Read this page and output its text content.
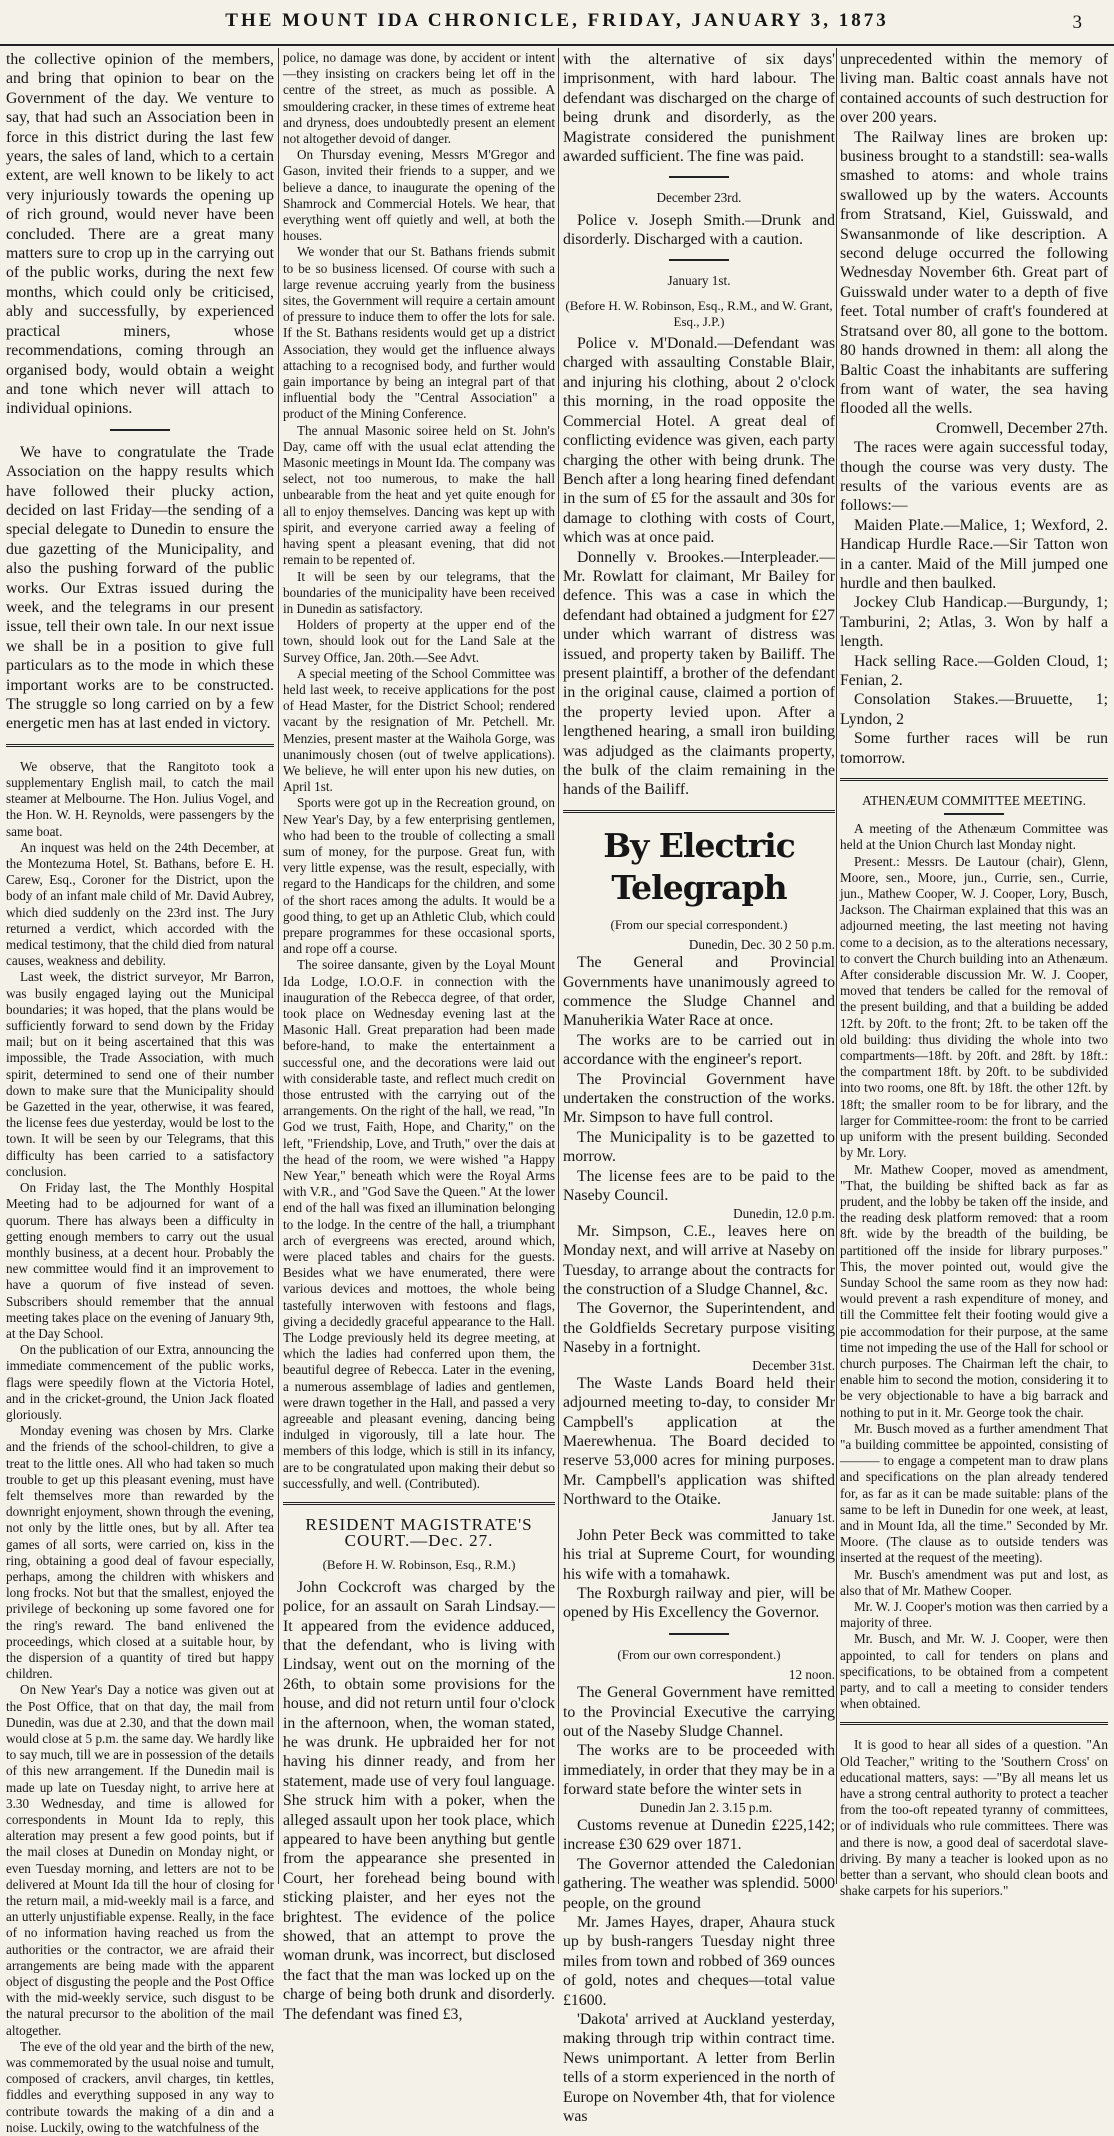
THE MOUNT IDA CHRONICLE, FRIDAY, JANUARY 3, 1873	3

the collective opinion of the members, and bring that opinion to bear on the Government of the day. We venture to say, that had such an Association been in force in this district during the last few years, the sales of land, which to a certain extent, are well known to be likely to act very injuriously towards the opening up of rich ground, would never have been concluded. There are a great many matters sure to crop up in the carrying out of the public works, during the next few months, which could only be criticised, ably and successfully, by experienced practical miners, whose recommendations, coming through an organised body, would obtain a weight and tone which never will attach to individual opinions.

We have to congratulate the Trade Association on the happy results which have followed their plucky action, decided on last Friday—the sending of a special delegate to Dunedin to ensure the due gazetting of the Municipality, and also the pushing forward of the public works. Our Extras issued during the week, and the telegrams in our present issue, tell their own tale. In our next issue we shall be in a position to give full particulars as to the mode in which these important works are to be constructed. The struggle so long carried on by a few energetic men has at last ended in victory.

We observe, that the Rangitoto took a supplementary English mail, to catch the mail steamer at Melbourne. The Hon. Julius Vogel, and the Hon. W. H. Reynolds, were passengers by the same boat.

An inquest was held on the 24th December, at the Montezuma Hotel, St. Bathans, before E. H. Carew, Esq., Coroner for the District, upon the body of an infant male child of Mr. David Aubrey, which died suddenly on the 23rd inst. The Jury returned a verdict, which accorded with the medical testimony, that the child died from natural causes, weakness and debility.

Last week, the district surveyor, Mr Barron, was busily engaged laying out the Municipal boundaries; it was hoped, that the plans would be sufficiently forward to send down by the Friday mail; but on it being ascertained that this was impossible, the Trade Association, with much spirit, determined to send one of their number down to make sure that the Municipality should be Gazetted in the year, otherwise, it was feared, the license fees due yesterday, would be lost to the town. It will be seen by our Telegrams, that this difficulty has been carried to a satisfactory conclusion.

On Friday last, the The Monthly Hospital Meeting had to be adjourned for want of a quorum. There has always been a difficulty in getting enough members to carry out the usual monthly business, at a decent hour. Probably the new committee would find it an improvement to have a quorum of five instead of seven. Subscribers should remember that the annual meeting takes place on the evening of January 9th, at the Day School.

On the publication of our Extra, announcing the immediate commencement of the public works, flags were speedily flown at the Victoria Hotel, and in the cricket-ground, the Union Jack floated gloriously.

Monday evening was chosen by Mrs. Clarke and the friends of the school-children, to give a treat to the little ones. All who had taken so much trouble to get up this pleasant evening, must have felt themselves more than rewarded by the downright enjoyment, shown through the evening, not only by the little ones, but by all. After tea games of all sorts, were carried on, kiss in the ring, obtaining a good deal of favour especially, perhaps, among the children with whiskers and long frocks. Not but that the smallest, enjoyed the privilege of beckoning up some favored one for the ring's reward. The band enlivened the proceedings, which closed at a suitable hour, by the dispersion of a quantity of tired but happy children.

On New Year's Day a notice was given out at the Post Office, that on that day, the mail from Dunedin, was due at 2.30, and that the down mail would close at 5 p.m. the same day. We hardly like to say much, till we are in possession of the details of this new arrangement. If the Dunedin mail is made up late on Tuesday night, to arrive here at 3.30 Wednesday, and time is allowed for correspondents in Mount Ida to reply, this alteration may present a few good points, but if the mail closes at Dunedin on Monday night, or even Tuesday morning, and letters are not to be delivered at Mount Ida till the hour of closing for the return mail, a mid-weekly mail is a farce, and an utterly unjustifiable expense. Really, in the face of no information having reached us from the authorities or the contractor, we are afraid their arrangements are being made with the apparent object of disgusting the people and the Post Office with the mid-weekly service, such disgust to be the natural precursor to the abolition of the mail altogether.

The eve of the old year and the birth of the new, was commemorated by the usual noise and tumult, composed of crackers, anvil charges, tin kettles, fiddles and everything supposed in any way to contribute towards the making of a din and a noise. Luckily, owing to the watchfulness of the

police, no damage was done, by accident or intent—they insisting on crackers being let off in the centre of the street, as much as possible. A smouldering cracker, in these times of extreme heat and dryness, does undoubtedly present an element not altogether devoid of danger.

On Thursday evening, Messrs M'Gregor and Gason, invited their friends to a supper, and we believe a dance, to inaugurate the opening of the Shamrock and Commercial Hotels. We hear, that everything went off quietly and well, at both the houses.

We wonder that our St. Bathans friends submit to be so business licensed. Of course with such a large revenue accruing yearly from the business sites, the Government will require a certain amount of pressure to induce them to offer the lots for sale. If the St. Bathans residents would get up a district Association, they would get the influence always attaching to a recognised body, and further would gain importance by being an integral part of that influential body the "Central Association" a product of the Mining Conference.

The annual Masonic soiree held on St. John's Day, came off with the usual eclat attending the Masonic meetings in Mount Ida. The company was select, not too numerous, to make the hall unbearable from the heat and yet quite enough for all to enjoy themselves. Dancing was kept up with spirit, and everyone carried away a feeling of having spent a pleasant evening, that did not remain to be repented of.

It will be seen by our telegrams, that the boundaries of the municipality have been received in Dunedin as satisfactory.

Holders of property at the upper end of the town, should look out for the Land Sale at the Survey Office, Jan. 20th.—See Advt.

A special meeting of the School Committee was held last week, to receive applications for the post of Head Master, for the District School; rendered vacant by the resignation of Mr. Petchell. Mr. Menzies, present master at the Waihola Gorge, was unanimously chosen (out of twelve applications). We believe, he will enter upon his new duties, on April 1st.

Sports were got up in the Recreation ground, on New Year's Day, by a few enterprising gentlemen, who had been to the trouble of collecting a small sum of money, for the purpose. Great fun, with very little expense, was the result, especially, with regard to the Handicaps for the children, and some of the short races among the adults. It would be a good thing, to get up an Athletic Club, which could prepare programmes for these occasional sports, and rope off a course.

The soiree dansante, given by the Loyal Mount Ida Lodge, I.O.O.F. in connection with the inauguration of the Rebecca degree, of that order, took place on Wednesday evening last at the Masonic Hall. Great preparation had been made before-hand, to make the entertainment a successful one, and the decorations were laid out with considerable taste, and reflect much credit on those entrusted with the carrying out of the arrangements. On the right of the hall, we read, "In God we trust, Faith, Hope, and Charity," on the left, "Friendship, Love, and Truth," over the dais at the head of the room, we were wished "a Happy New Year," beneath which were the Royal Arms with V.R., and "God Save the Queen." At the lower end of the hall was fixed an illumination belonging to the lodge. In the centre of the hall, a triumphant arch of evergreens was erected, around which, were placed tables and chairs for the guests. Besides what we have enumerated, there were various devices and mottoes, the whole being tastefully interwoven with festoons and flags, giving a decidedly graceful appearance to the Hall. The Lodge previously held its degree meeting, at which the ladies had conferred upon them, the beautiful degree of Rebecca. Later in the evening, a numerous assemblage of ladies and gentlemen, were drawn together in the Hall, and passed a very agreeable and pleasant evening, dancing being indulged in vigorously, till a late hour. The members of this lodge, which is still in its infancy, are to be congratulated upon making their debut so successfully, and well. (Contributed).

RESIDENT MAGISTRATE'S COURT.—Dec. 27.

(Before H. W. Robinson, Esq., R.M.)

John Cockcroft was charged by the police, for an assault on Sarah Lindsay.—It appeared from the evidence adduced, that the defendant, who is living with Lindsay, went out on the morning of the 26th, to obtain some provisions for the house, and did not return until four o'clock in the afternoon, when, the woman stated, he was drunk. He upbraided her for not having his dinner ready, and from her statement, made use of very foul language. She struck him with a poker, when the alleged assault upon her took place, which appeared to have been anything but gentle from the appearance she presented in Court, her forehead being bound with sticking plaister, and her eyes not the brightest. The evidence of the police showed, that an attempt to prove the woman drunk, was incorrect, but disclosed the fact that the man was locked up on the charge of being both drunk and disorderly. The defendant was fined £3,

with the alternative of six days' imprisonment, with hard labour. The defendant was discharged on the charge of being drunk and disorderly, as the Magistrate considered the punishment awarded sufficient. The fine was paid.

December 23rd.

Police v. Joseph Smith.—Drunk and disorderly. Discharged with a caution.

January 1st.

(Before H. W. Robinson, Esq., R.M., and W. Grant, Esq., J.P.)

Police v. M'Donald.—Defendant was charged with assaulting Constable Blair, and injuring his clothing, about 2 o'clock this morning, in the road opposite the Commercial Hotel. A great deal of conflicting evidence was given, each party charging the other with being drunk. The Bench after a long hearing fined defendant in the sum of £5 for the assault and 30s for damage to clothing with costs of Court, which was at once paid.

Donnelly v. Brookes.—Interpleader.—Mr. Rowlatt for claimant, Mr Bailey for defence. This was a case in which the defendant had obtained a judgment for £27 under which warrant of distress was issued, and property taken by Bailiff. The present plaintiff, a brother of the defendant in the original cause, claimed a portion of the property levied upon. After a lengthened hearing, a small iron building was adjudged as the claimants property, the bulk of the claim remaining in the hands of the Bailiff.

By Electric Telegraph

(From our special correspondent.)

Dunedin, Dec. 30 2 50 p.m.

The General and Provincial Governments have unanimously agreed to commence the Sludge Channel and Manuherikia Water Race at once.

The works are to be carried out in accordance with the engineer's report.

The Provincial Government have undertaken the construction of the works. Mr. Simpson to have full control.

The Municipality is to be gazetted to morrow.

The license fees are to be paid to the Naseby Council.

Dunedin, 12.0 p.m.

Mr. Simpson, C.E., leaves here on Monday next, and will arrive at Naseby on Tuesday, to arrange about the contracts for the construction of a Sludge Channel, &c.

The Governor, the Superintendent, and the Goldfields Secretary purpose visiting Naseby in a fortnight.

December 31st.

The Waste Lands Board held their adjourned meeting to-day, to consider Mr Campbell's application at the Maerewhenua. The Board decided to reserve 53,000 acres for mining purposes. Mr. Campbell's application was shifted Northward to the Otaike.

January 1st.

John Peter Beck was committed to take his trial at Supreme Court, for wounding his wife with a tomahawk.

The Roxburgh railway and pier, will be opened by His Excellency the Governor.

(From our own correspondent.)

12 noon.

The General Government have remitted to the Provincial Executive the carrying out of the Naseby Sludge Channel.

The works are to be proceeded with immediately, in order that they may be in a forward state before the winter sets in

Dunedin Jan 2. 3.15 p.m.

Customs revenue at Dunedin £225,142; increase £30 629 over 1871.

The Governor attended the Caledonian gathering. The weather was splendid. 5000 people, on the ground

Mr. James Hayes, draper, Ahaura stuck up by bush-rangers Tuesday night three miles from town and robbed of 369 ounces of gold, notes and cheques—total value £1600.

'Dakota' arrived at Auckland yesterday, making through trip within contract time. News unimportant. A letter from Berlin tells of a storm experienced in the north of Europe on November 4th, that for violence was

unprecedented within the memory of living man. Baltic coast annals have not contained accounts of such destruction for over 200 years.

The Railway lines are broken up: business brought to a standstill: sea-walls smashed to atoms: and whole trains swallowed up by the waters. Accounts from Stratsand, Kiel, Guisswald, and Swansanmonde of like description. A second deluge occurred the following Wednesday November 6th. Great part of Guisswald under water to a depth of five feet. Total number of craft's foundered at Stratsand over 80, all gone to the bottom. 80 hands drowned in them: all along the Baltic Coast the inhabitants are suffering from want of water, the sea having flooded all the wells.

Cromwell, December 27th.

The races were again successful today, though the course was very dusty. The results of the various events are as follows:—

Maiden Plate.—Malice, 1; Wexford, 2. Handicap Hurdle Race.—Sir Tatton won in a canter. Maid of the Mill jumped one hurdle and then baulked.

Jockey Club Handicap.—Burgundy, 1; Tamburini, 2; Atlas, 3. Won by half a length.

Hack selling Race.—Golden Cloud, 1; Fenian, 2.

Consolation Stakes.—Bruuette, 1; Lyndon, 2

Some further races will be run tomorrow.

ATHENÆUM COMMITTEE MEETING.

A meeting of the Athenæum Committee was held at the Union Church last Monday night.

Present.: Messrs. De Lautour (chair), Glenn, Moore, sen., Moore, jun., Currie, sen., Currie, jun., Mathew Cooper, W. J. Cooper, Lory, Busch, Jackson. The Chairman explained that this was an adjourned meeting, the last meeting not having come to a decision, as to the alterations necessary, to convert the Church building into an Athenæum. After considerable discussion Mr. W. J. Cooper, moved that tenders be called for the removal of the present building, and that a building be added 12ft. by 20ft. to the front; 2ft. to be taken off the old building: thus dividing the whole into two compartments—18ft. by 20ft. and 28ft. by 18ft.: the compartment 18ft. by 20ft. to be subdivided into two rooms, one 8ft. by 18ft. the other 12ft. by 18ft; the smaller room to be for library, and the larger for Committee-room: the front to be carried up uniform with the present building. Seconded by Mr. Lory.

Mr. Mathew Cooper, moved as amendment, "That, the building be shifted back as far as prudent, and the lobby be taken off the inside, and the reading desk platform removed: that a room 8ft. wide by the breadth of the building, be partitioned off the inside for library purposes." This, the mover pointed out, would give the Sunday School the same room as they now had: would prevent a rash expenditure of money, and till the Committee felt their footing would give a pie accommodation for their purpose, at the same time not impeding the use of the Hall for school or church purposes. The Chairman left the chair, to enable him to second the motion, considering it to be very objectionable to have a big barrack and nothing to put in it. Mr. George took the chair.

Mr. Busch moved as a further amendment That "a building committee be appointed, consisting of ——— to engage a competent man to draw plans and specifications on the plan already tendered for, as far as it can be made suitable: plans of the same to be left in Dunedin for one week, at least, and in Mount Ida, all the time." Seconded by Mr. Moore. (The clause as to outside tenders was inserted at the request of the meeting).

Mr. Busch's amendment was put and lost, as also that of Mr. Mathew Cooper.

Mr. W. J. Cooper's motion was then carried by a majority of three.

Mr. Busch, and Mr. W. J. Cooper, were then appointed, to call for tenders on plans and specifications, to be obtained from a competent party, and to call a meeting to consider tenders when obtained.

It is good to hear all sides of a question. "An Old Teacher," writing to the 'Southern Cross' on educational matters, says: —"By all means let us have a strong central authority to protect a teacher from the too-oft repeated tyranny of committees, or of individuals who rule committees. There was and there is now, a good deal of sacerdotal slave-driving. By many a teacher is looked upon as no better than a servant, who should clean boots and shake carpets for his superiors."
